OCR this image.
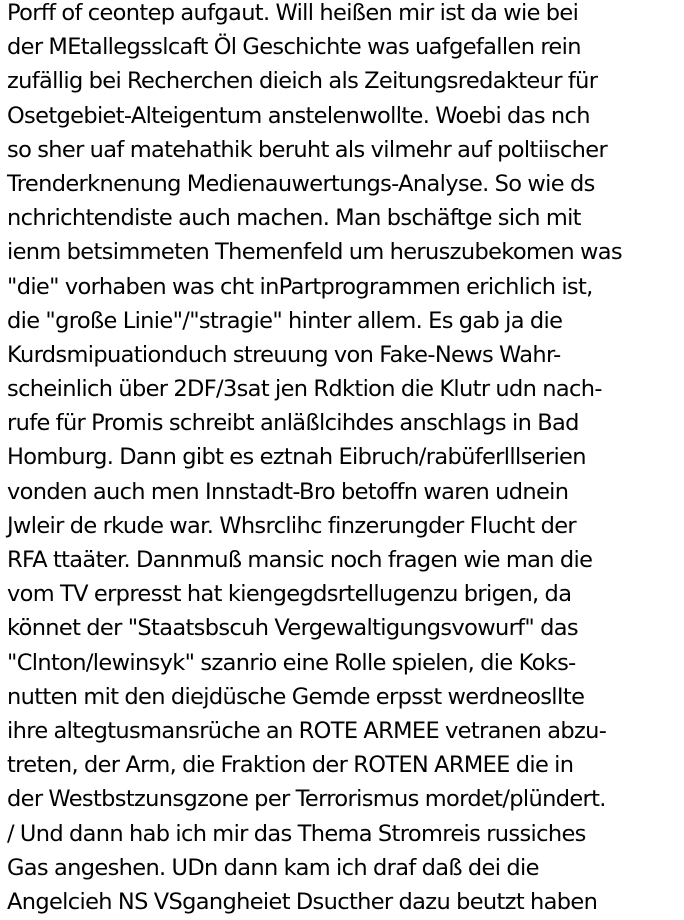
Porff of ceontep aufgaut. Will heißen mir ist da wie bei
der MEtallegsslcaft Öl Geschichte was uafgefallen rein
zufällig bei Recherchen dieich als Zeitungsredakteur für
Osetgebiet-Alteigentum anstelenwollte. Woebi das nch
so sher uaf matehathik beruht als vilmehr auf poltiischer
Trenderknenung Medienauwertungs-Analyse. So wie ds
nchrichtendiste auch machen. Man bschäftge sich mit
ienm betsimmeten Themenfeld um heruszubekomen was
"die" vorhaben was cht inPartprogrammen erichlich ist,
die "große Linie"/"stragie" hinter allem. Es gab ja die
Kurdsmipuationduch streuung von Fake-News Wahr-
scheinlich über 2DF/3sat jen Rdktion die Klutr udn nach-
rufe für Promis schreibt anläßlcihdes anschlags in Bad
Homburg. Dann gibt es eztnah Eibruch/rabüferlllserien
vonden auch men Innstadt-Bro betoffn waren udnein
Jwleir de rkude war. Whsrclihc finzerungder Flucht der
RFA ttaäter. Dannmuß mansic noch fragen wie man die
vom TV erpresst hat kiengegdsrtellugenzu brigen, da
könnet der "Staatsbscuh Vergewaltigungsvowurf" das
"Clnton/lewinsyk" szanrio eine Rolle spielen, die Koks-
nutten mit den diejdüsche Gemde erpsst werdneoslIte
ihre altegtusmansrüche an ROTE ARMEE vetranen abzu-
treten, der Arm, die Fraktion der ROTEN ARMEE die in
der Westbstzunsgzone per Terrorismus mordet/plündert.
/ Und dann hab ich mir das Thema Stromreis russiches
Gas angeshen. UDn dann kam ich draf daß dei die
Angelcieh NS VSgangheiet Dsucther dazu beutzt haben
